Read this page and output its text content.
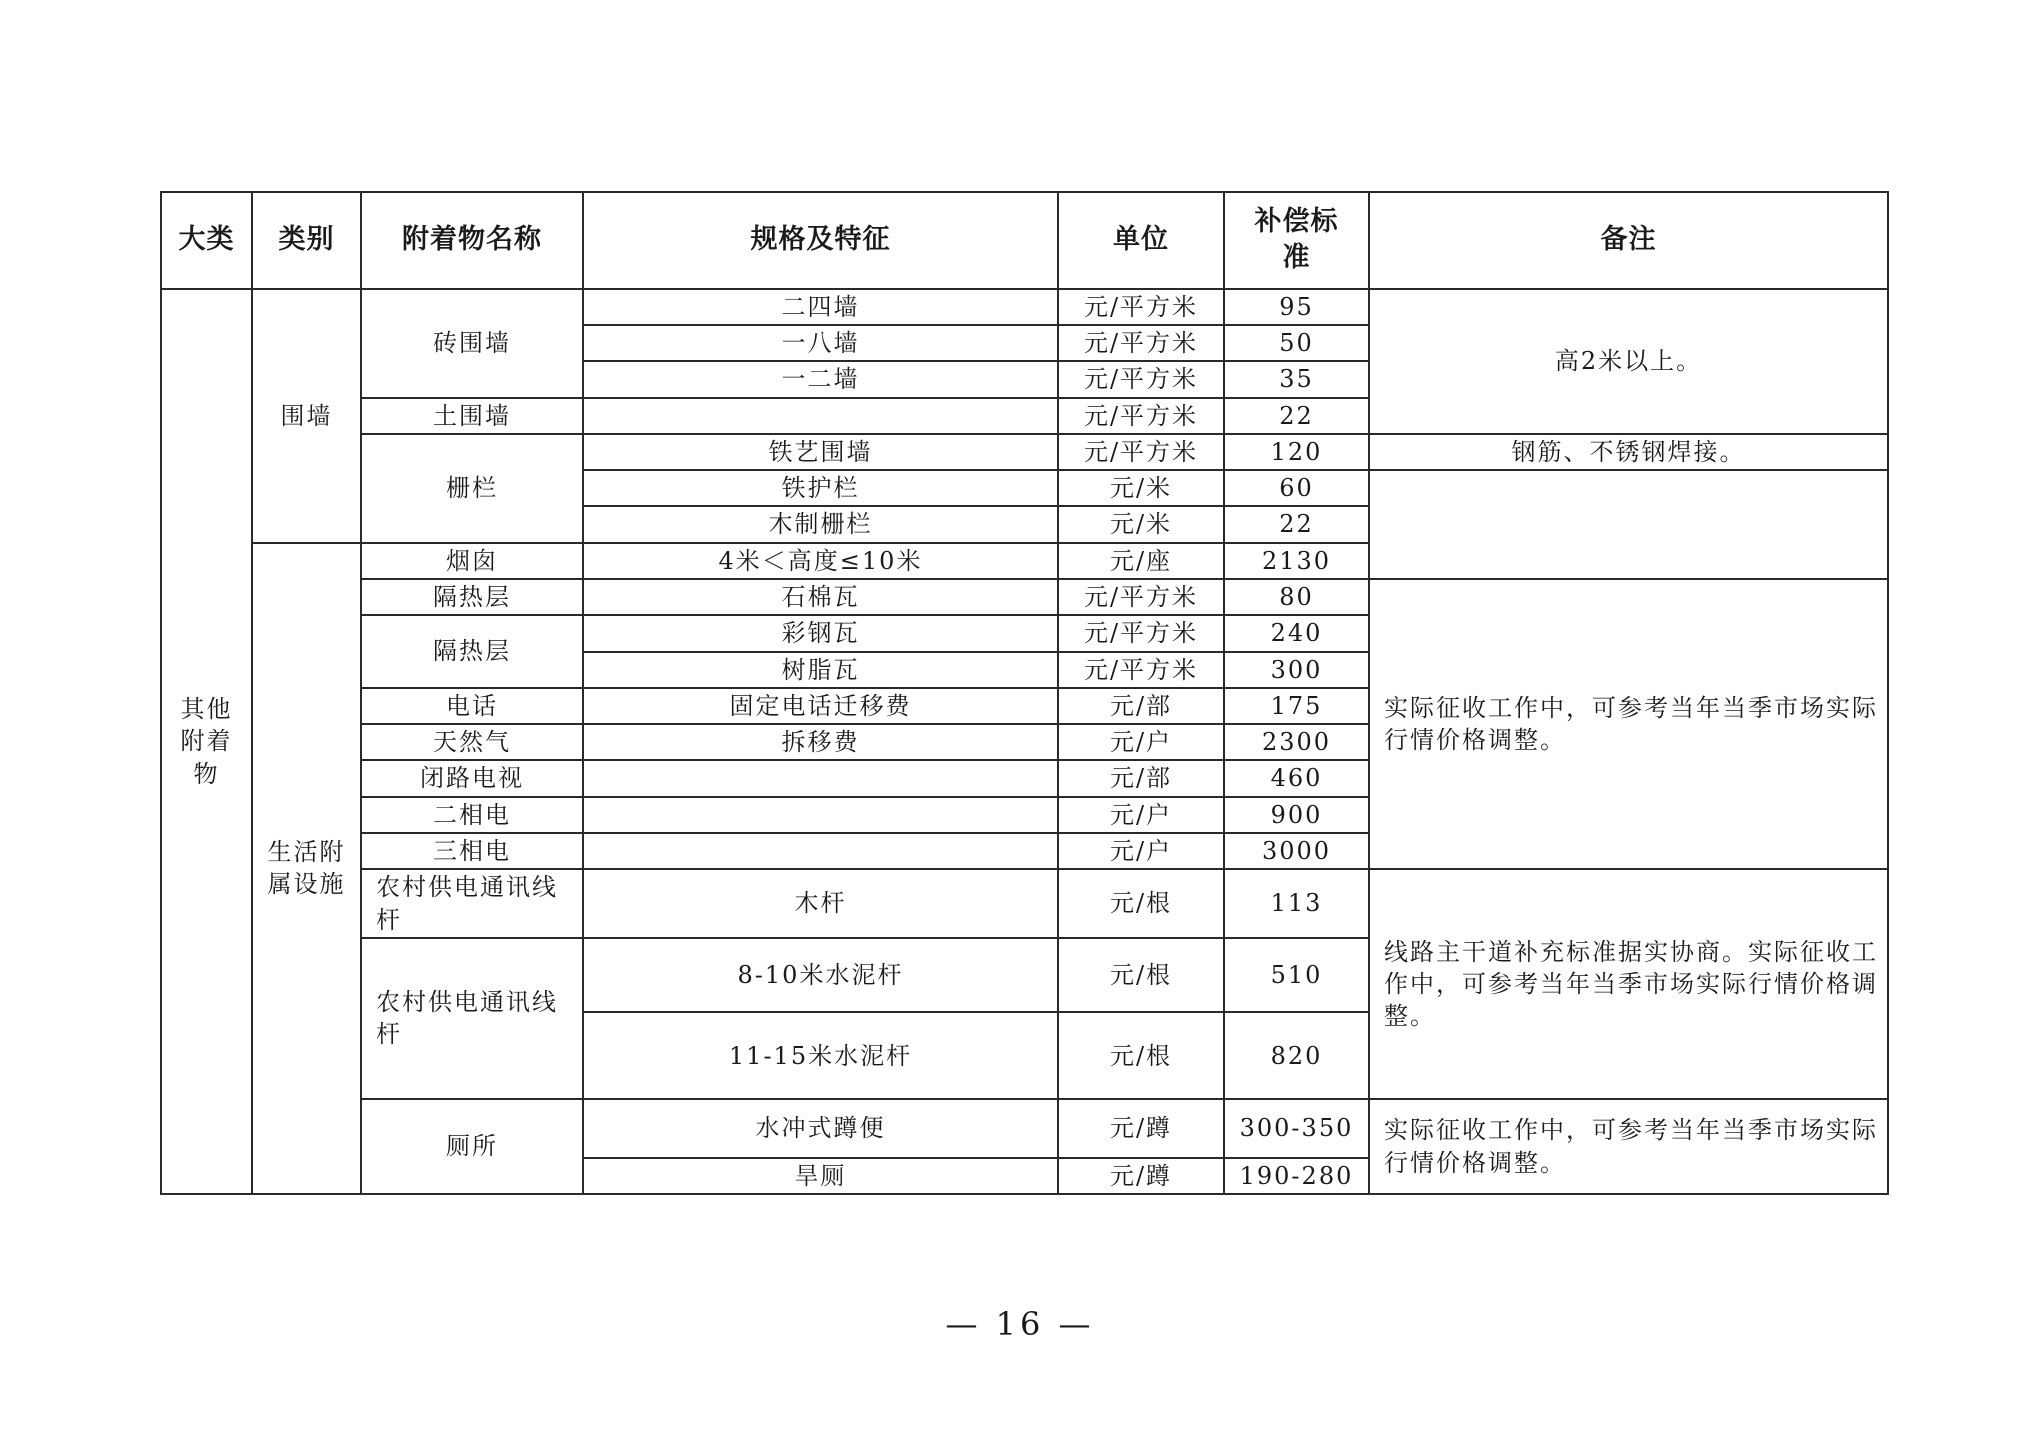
大类	类别	附着物名称	规格及特征	单位	补偿标准	备注
其他附着物	围墙	砖围墙	二四墙	元/平方米	95	高2米以上。
			一八墙	元/平方米	50	
			一二墙	元/平方米	35	
		土围墙		元/平方米	22	
		栅栏	铁艺围墙	元/平方米	120	钢筋、不锈钢焊接。
			铁护栏	元/米	60	
			木制栅栏	元/米	22	
	生活附属设施	烟囱	4米＜高度≤10米	元/座	2130	
		隔热层	石棉瓦	元/平方米	80	实际征收工作中，可参考当年当季市场实际行情价格调整。
		隔热层	彩钢瓦	元/平方米	240	
			树脂瓦	元/平方米	300	
		电话	固定电话迁移费	元/部	175	
		天然气	拆移费	元/户	2300	
		闭路电视		元/部	460	
		二相电		元/户	900	
		三相电		元/户	3000	
		农村供电通讯线杆	木杆	元/根	113	线路主干道补充标准据实协商。实际征收工作中，可参考当年当季市场实际行情价格调整。
		农村供电通讯线杆	8-10米水泥杆	元/根	510	
			11-15米水泥杆	元/根	820	
		厕所	水冲式蹲便	元/蹲	300-350	实际征收工作中，可参考当年当季市场实际行情价格调整。
			旱厕	元/蹲	190-280	
— 16 —
